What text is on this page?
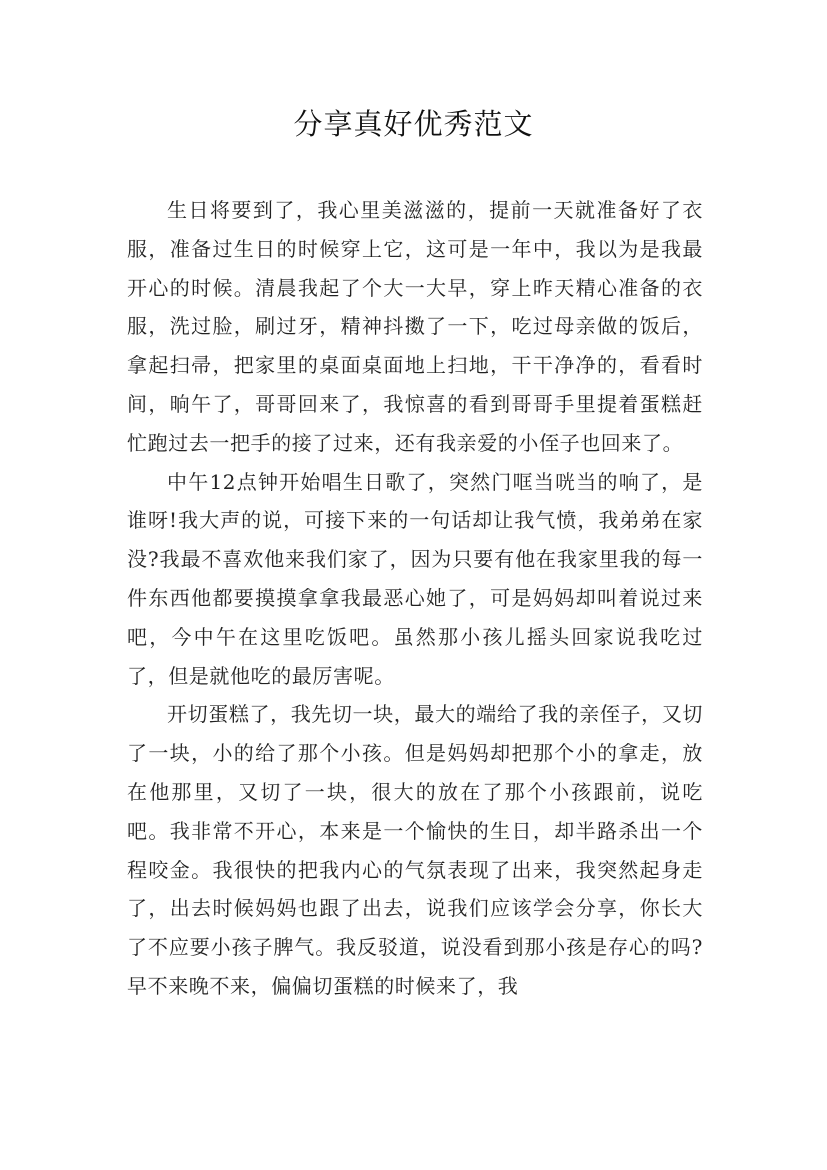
分享真好优秀范文

生日将要到了，我心里美滋滋的，提前一天就准备好了衣服，准备过生日的时候穿上它，这可是一年中，我以为是我最开心的时候。清晨我起了个大一大早，穿上昨天精心准备的衣服，洗过脸，刷过牙，精神抖擞了一下，吃过母亲做的饭后，拿起扫帚，把家里的桌面桌面地上扫地，干干净净的，看看时间，晌午了，哥哥回来了，我惊喜的看到哥哥手里提着蛋糕赶忙跑过去一把手的接了过来，还有我亲爱的小侄子也回来了。

中午12点钟开始唱生日歌了，突然门哐当咣当的响了，是谁呀!我大声的说，可接下来的一句话却让我气愤，我弟弟在家没?我最不喜欢他来我们家了，因为只要有他在我家里我的每一件东西他都要摸摸拿拿我最恶心她了，可是妈妈却叫着说过来吧，今中午在这里吃饭吧。虽然那小孩儿摇头回家说我吃过了，但是就他吃的最厉害呢。

开切蛋糕了，我先切一块，最大的端给了我的亲侄子，又切了一块，小的给了那个小孩。但是妈妈却把那个小的拿走，放在他那里，又切了一块，很大的放在了那个小孩跟前，说吃吧。我非常不开心，本来是一个愉快的生日，却半路杀出一个程咬金。我很快的把我内心的气氛表现了出来，我突然起身走了，出去时候妈妈也跟了出去，说我们应该学会分享，你长大了不应要小孩子脾气。我反驳道，说没看到那小孩是存心的吗?早不来晚不来，偏偏切蛋糕的时候来了，我
